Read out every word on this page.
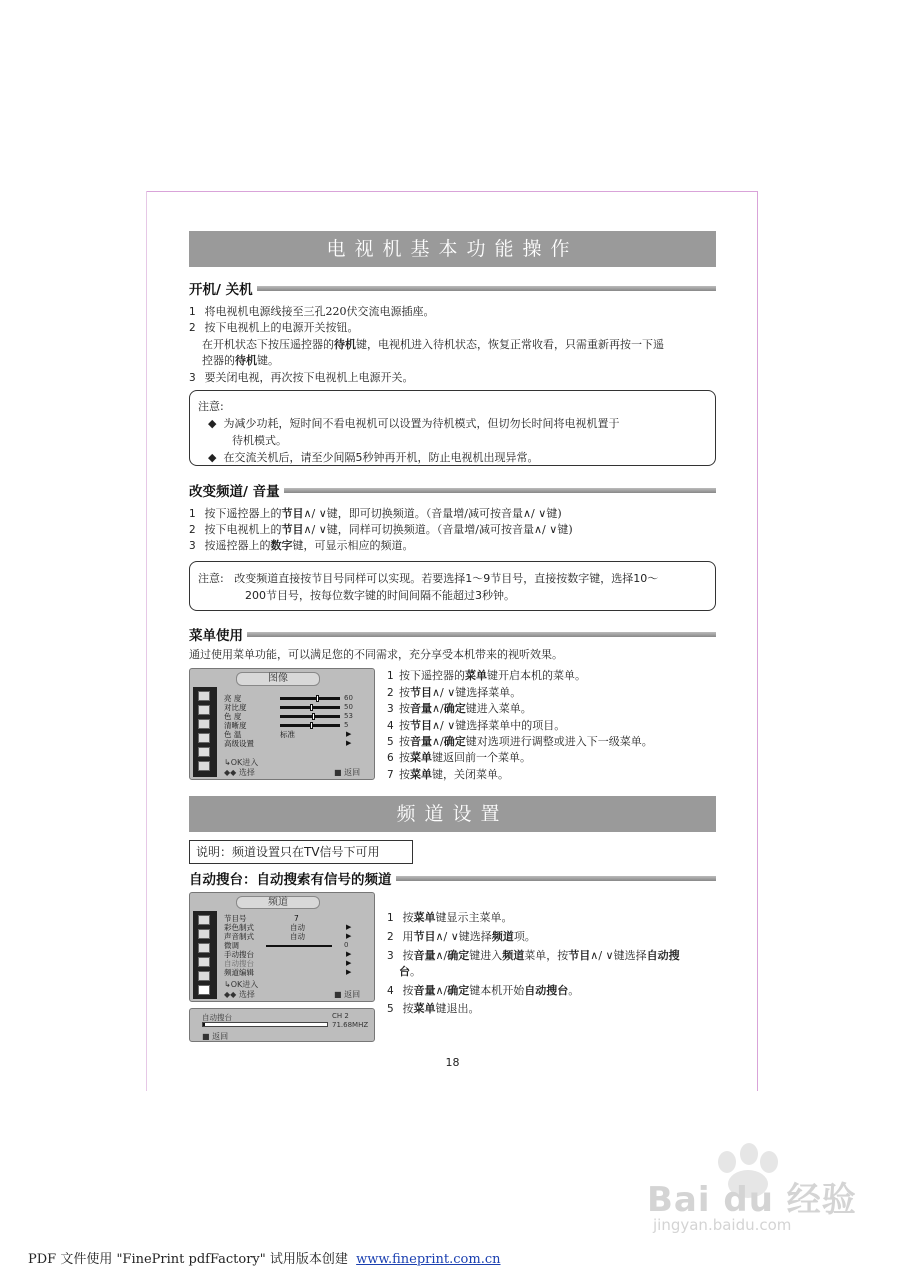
电视机基本功能操作
开机/ 关机
1 将电视机电源线接至三孔220伏交流电源插座。
2 按下电视机上的电源开关按钮。
在开机状态下按压遥控器的待机键，电视机进入待机状态，恢复正常收看，只需重新再按一下遥
控器的待机键。
3 要关闭电视，再次按下电视机上电源开关。
注意:
◆ 为减少功耗，短时间不看电视机可以设置为待机模式，但切勿长时间将电视机置于
待机模式。
◆ 在交流关机后，请至少间隔5秒钟再开机，防止电视机出现异常。
改变频道/ 音量
1 按下遥控器上的节目∧/ ∨键，即可切换频道。（音量增/减可按音量∧/ ∨键)
2 按下电视机上的节目∧/ ∨键，同样可切换频道。（音量增/减可按音量∧/ ∨键)
3 按遥控器上的数字键，可显示相应的频道。
注意: 改变频道直接按节目号同样可以实现。若要选择1～9节目号，直接按数字键，选择10～
200节目号，按每位数字键的时间间隔不能超过3秒钟。
菜单使用
通过使用菜单功能，可以满足您的不同需求，充分享受本机带来的视听效果。
图像
亮 度
对比度
色 度
清晰度
色 温
高级设置
60
50
53
5
标准	▶
▶
↳OK进入
◆◆ 选择	■ 返回
1 按下遥控器的菜单键开启本机的菜单。
2 按节目∧/ ∨键选择菜单。
3 按音量∧/确定键进入菜单。
4 按节目∧/ ∨键选择菜单中的项目。
5 按音量∧/确定键对选项进行调整或进入下一级菜单。
6 按菜单键返回前一个菜单。
7 按菜单键，关闭菜单。
频道设置
说明：频道设置只在TV信号下可用
自动搜台：自动搜索有信号的频道
频道
节目号
彩色制式
声音制式
微调
手动搜台
自动搜台
频道编辑
7
自动
自动
0
▶
▶
▶
▶
▶
↳OK进入
◆◆ 选择	■ 返回
自动搜台	CH 2
71.68MHZ
■ 返回
1 按菜单键显示主菜单。
2 用节目∧/ ∨键选择频道项。
3 按音量∧/确定键进入频道菜单，按节目∧/ ∨键选择自动搜
台。
4 按音量∧/确定键本机开始自动搜台。
5 按菜单键退出。
18
Bai du 经验
jingyan.baidu.com
PDF 文件使用 "FinePrint pdfFactory" 试用版本创建 www.fineprint.com.cn
